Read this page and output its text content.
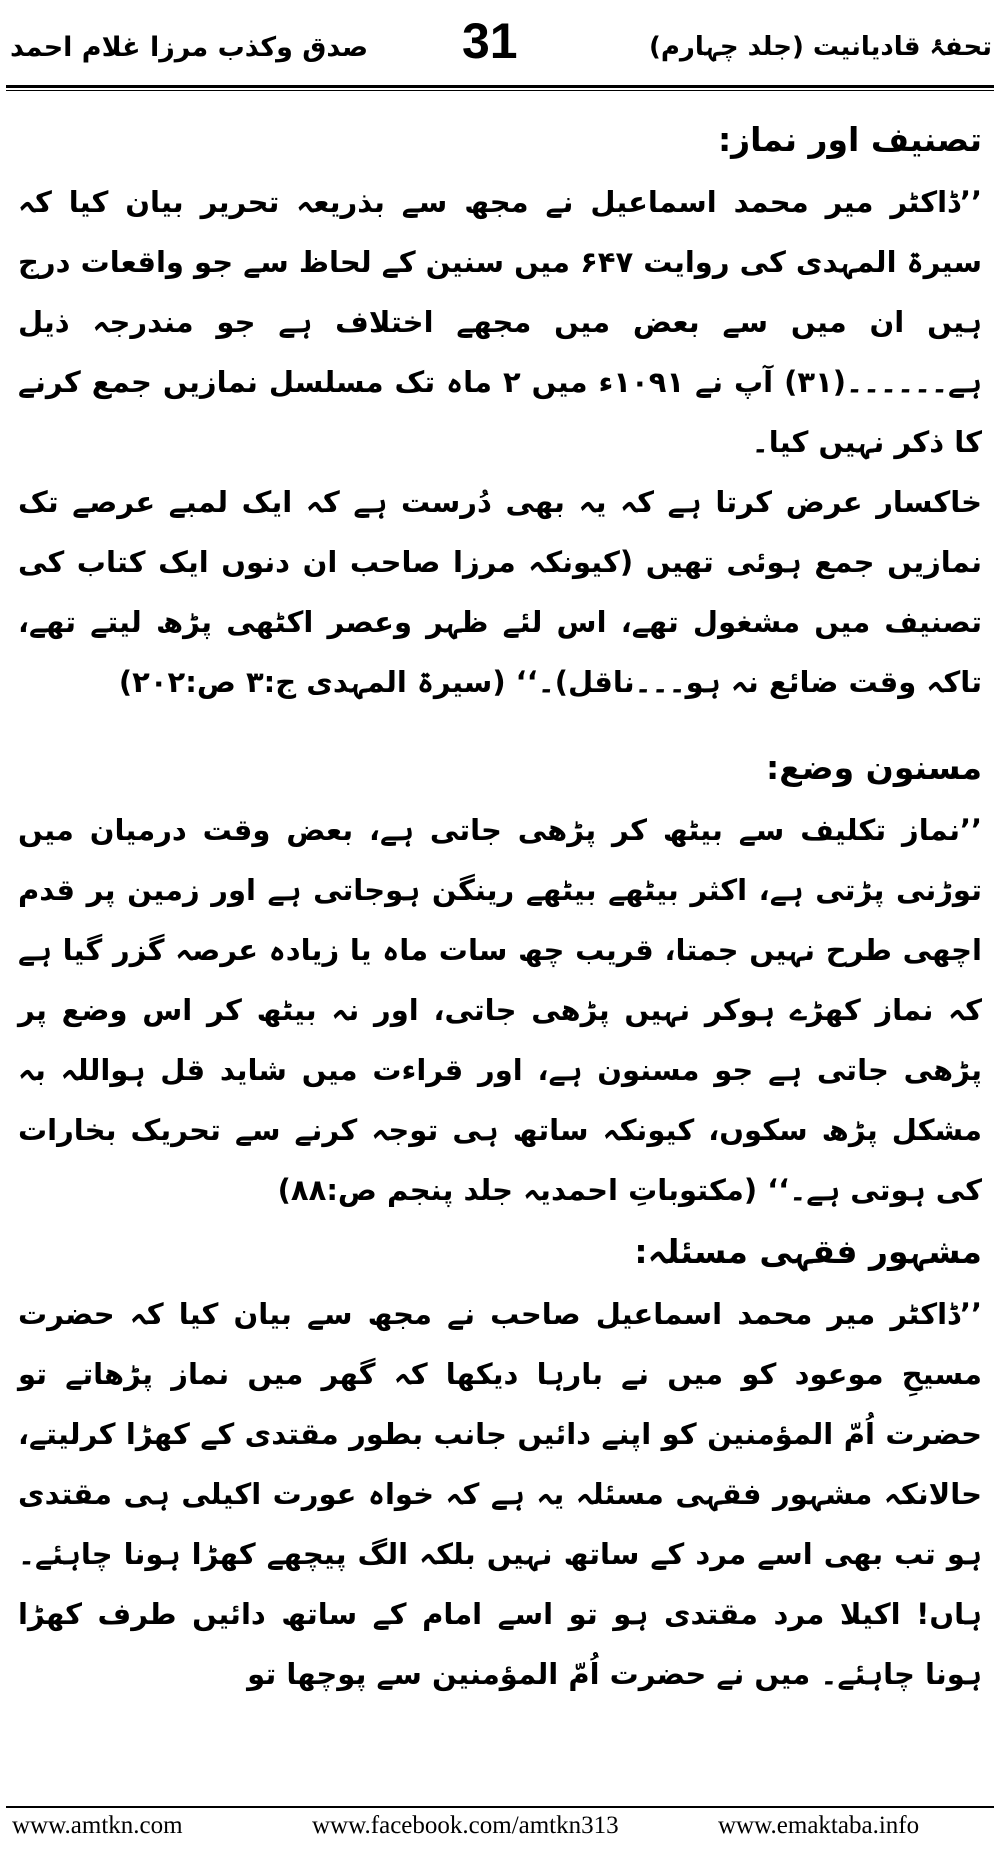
صدق وکذب مرزا غلام احمد 31	تحفۂ قادیانیت (جلد چہارم)
تصنیف اور نماز:

’’ڈاکٹر میر محمد اسماعیل نے مجھ سے بذریعہ تحریر بیان کیا کہ سیرۃ المہدی کی روایت ۶۴۷ میں سنین کے لحاظ سے جو واقعات درج ہیں ان میں سے بعض میں مجھے اختلاف ہے جو مندرجہ ذیل ہے۔۔۔۔۔۔(۳۱) آپ نے ۱۰۹۱ء میں ۲ ماہ تک مسلسل نمازیں جمع کرنے کا ذکر نہیں کیا۔

خاکسار عرض کرتا ہے کہ یہ بھی دُرست ہے کہ ایک لمبے عرصے تک نمازیں جمع ہوئی تھیں (کیونکہ مرزا صاحب ان دنوں ایک کتاب کی تصنیف میں مشغول تھے، اس لئے ظہر وعصر اکٹھی پڑھ لیتے تھے، تاکہ وقت ضائع نہ ہو۔۔۔ناقل)۔‘‘ (سیرۃ المہدی ج:۳ ص:۲۰۲)

مسنون وضع:

’’نماز تکلیف سے بیٹھ کر پڑھی جاتی ہے، بعض وقت درمیان میں توڑنی پڑتی ہے، اکثر بیٹھے بیٹھے رینگن ہوجاتی ہے اور زمین پر قدم اچھی طرح نہیں جمتا، قریب چھ سات ماہ یا زیادہ عرصہ گزر گیا ہے کہ نماز کھڑے ہوکر نہیں پڑھی جاتی، اور نہ بیٹھ کر اس وضع پر پڑھی جاتی ہے جو مسنون ہے، اور قراءت میں شاید قل ہواللہ بہ مشکل پڑھ سکوں، کیونکہ ساتھ ہی توجہ کرنے سے تحریک بخارات کی ہوتی ہے۔‘‘ (مکتوباتِ احمدیہ جلد پنجم ص:۸۸)

مشہور فقہی مسئلہ:

’’ڈاکٹر میر محمد اسماعیل صاحب نے مجھ سے بیان کیا کہ حضرت مسیحِ موعود کو میں نے بارہا دیکھا کہ گھر میں نماز پڑھاتے تو حضرت اُمّ المؤمنین کو اپنے دائیں جانب بطور مقتدی کے کھڑا کرلیتے، حالانکہ مشہور فقہی مسئلہ یہ ہے کہ خواہ عورت اکیلی ہی مقتدی ہو تب بھی اسے مرد کے ساتھ نہیں بلکہ الگ پیچھے کھڑا ہونا چاہئے۔ ہاں! اکیلا مرد مقتدی ہو تو اسے امام کے ساتھ دائیں طرف کھڑا ہونا چاہئے۔ میں نے حضرت اُمّ المؤمنین سے پوچھا تو

www.amtkn.com	www.facebook.com/amtkn313	www.emaktaba.info
